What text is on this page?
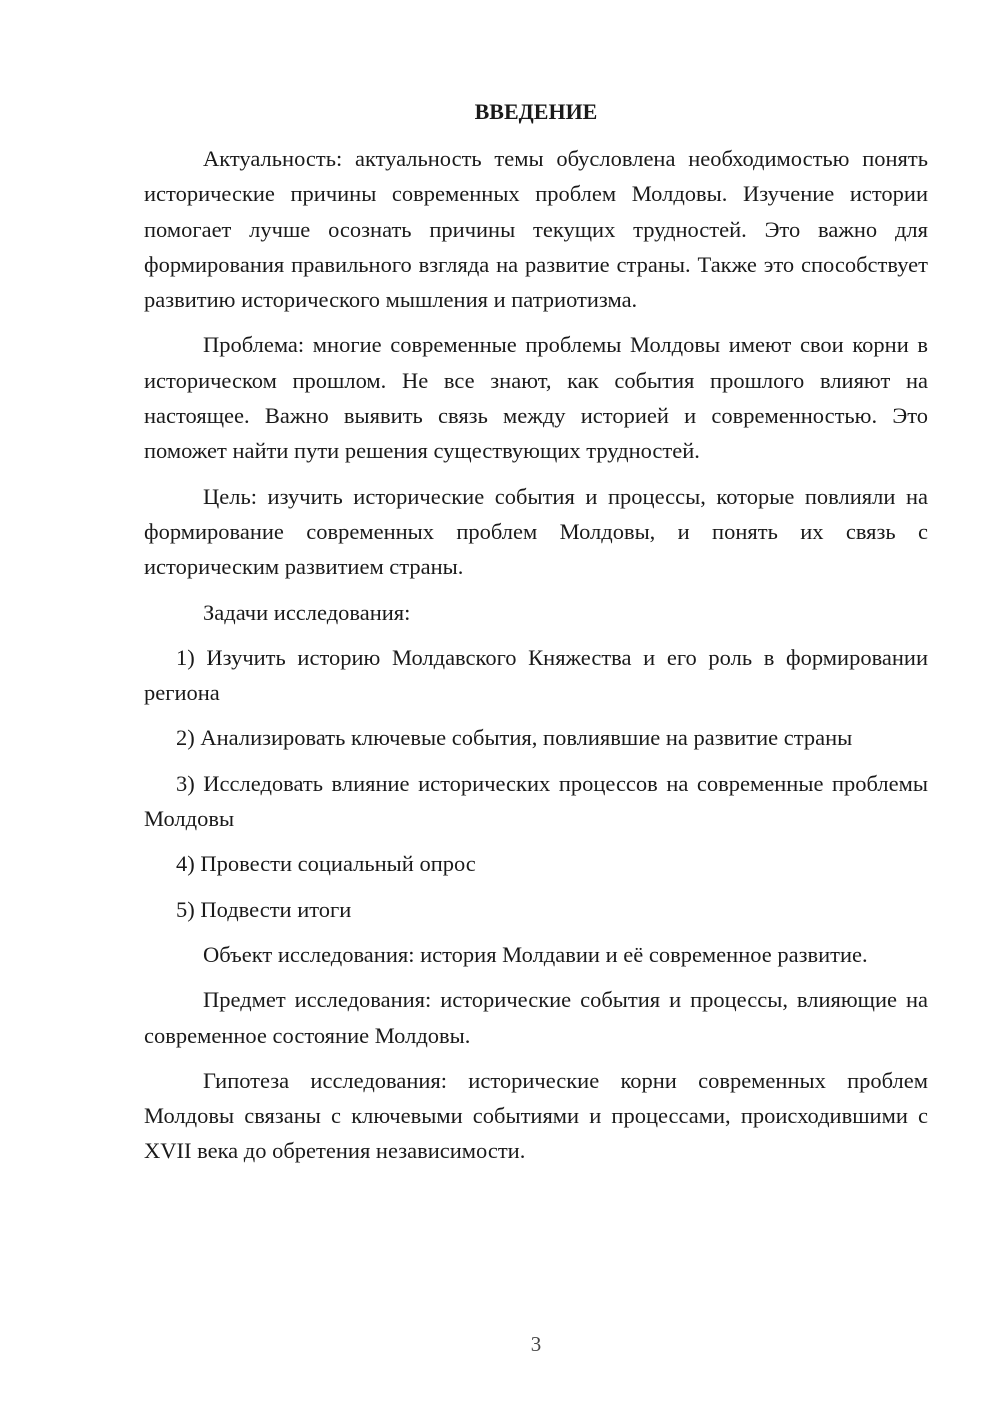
ВВЕДЕНИЕ

Актуальность: актуальность темы обусловлена необходимостью понять исторические причины современных проблем Молдовы. Изучение истории помогает лучше осознать причины текущих трудностей. Это важно для формирования правильного взгляда на развитие страны. Также это способствует развитию исторического мышления и патриотизма.

Проблема: многие современные проблемы Молдовы имеют свои корни в историческом прошлом. Не все знают, как события прошлого влияют на настоящее. Важно выявить связь между историей и современностью. Это поможет найти пути решения существующих трудностей.

Цель: изучить исторические события и процессы, которые повлияли на формирование современных проблем Молдовы, и понять их связь с историческим развитием страны.

Задачи исследования:

1) Изучить историю Молдавского Княжества и его роль в формировании региона

2) Анализировать ключевые события, повлиявшие на развитие страны

3) Исследовать влияние исторических процессов на современные проблемы Молдовы

4) Провести социальный опрос

5) Подвести итоги

Объект исследования: история Молдавии и её современное развитие.

Предмет исследования: исторические события и процессы, влияющие на современное состояние Молдовы.

Гипотеза исследования: исторические корни современных проблем Молдовы связаны с ключевыми событиями и процессами, происходившими с XVII века до обретения независимости.

3
